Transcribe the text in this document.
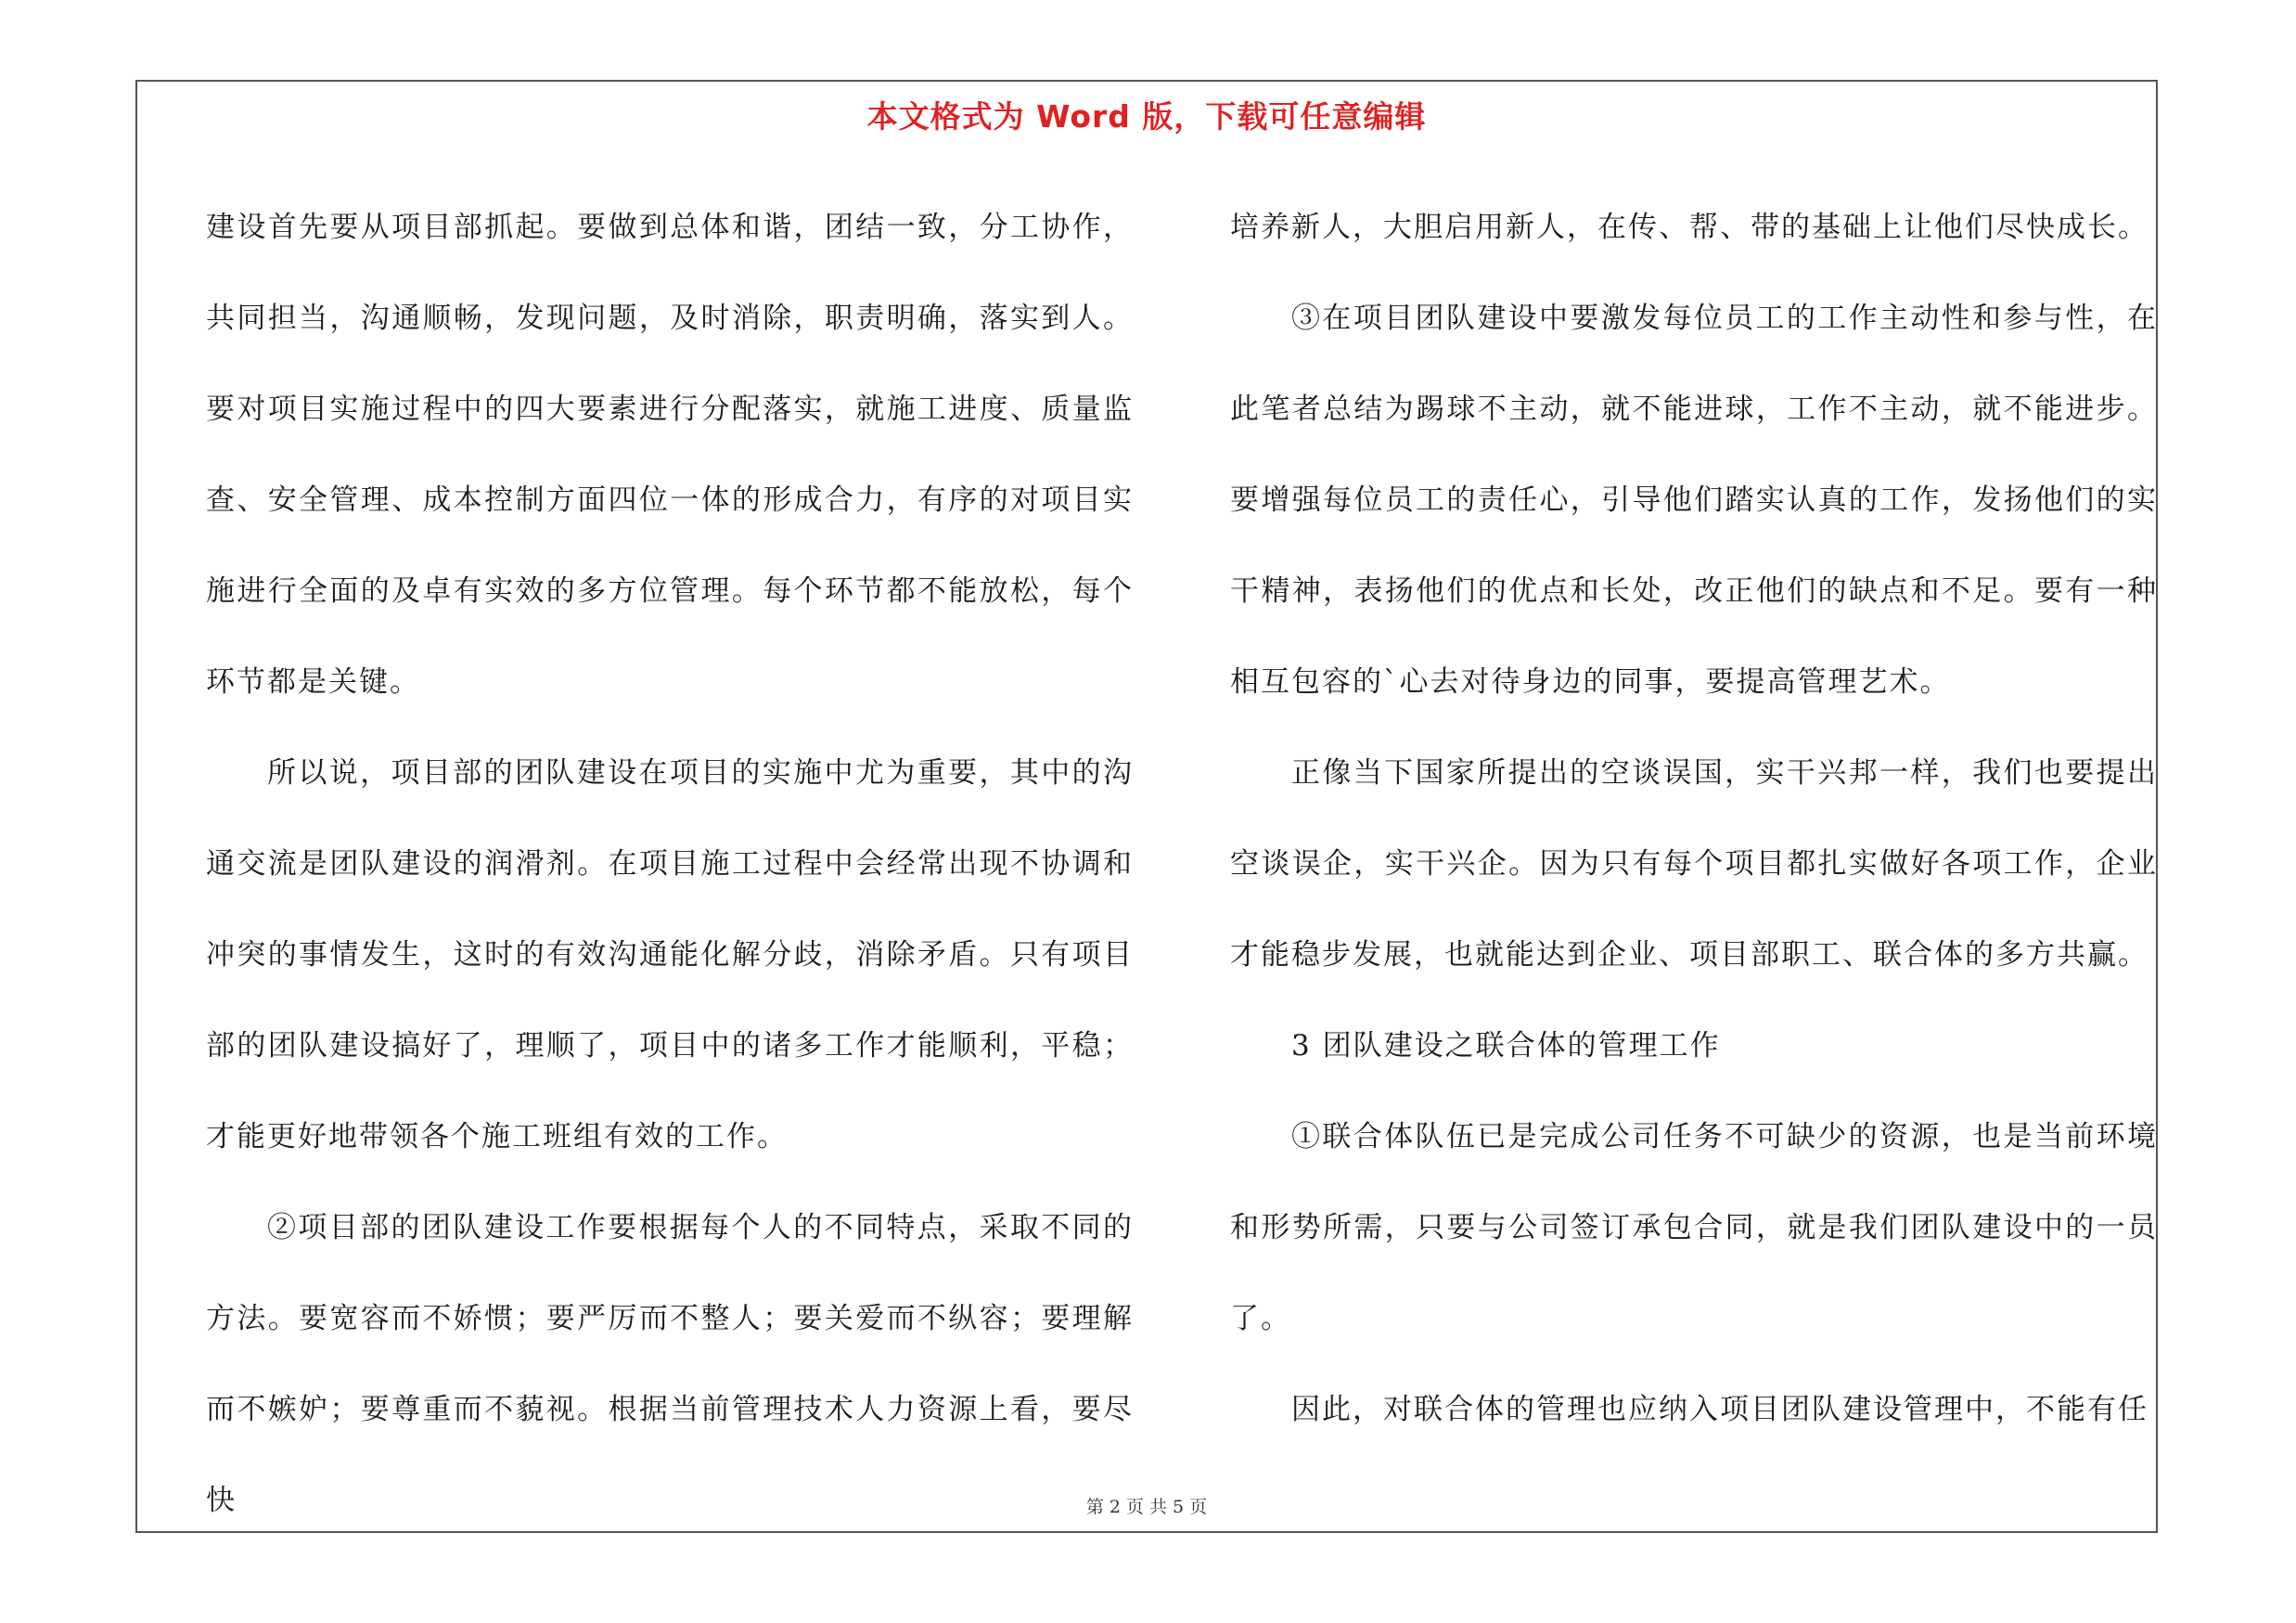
本文格式为 Word 版，下载可任意编辑

建设首先要从项目部抓起。要做到总体和谐，团结一致，分工协作，共同担当，沟通顺畅，发现问题，及时消除，职责明确，落实到人。要对项目实施过程中的四大要素进行分配落实，就施工进度、质量监查、安全管理、成本控制方面四位一体的形成合力，有序的对项目实施进行全面的及卓有实效的多方位管理。每个环节都不能放松，每个环节都是关键。

所以说，项目部的团队建设在项目的实施中尤为重要，其中的沟通交流是团队建设的润滑剂。在项目施工过程中会经常出现不协调和冲突的事情发生，这时的有效沟通能化解分歧，消除矛盾。只有项目部的团队建设搞好了，理顺了，项目中的诸多工作才能顺利，平稳；才能更好地带领各个施工班组有效的工作。

②项目部的团队建设工作要根据每个人的不同特点，采取不同的方法。要宽容而不娇惯；要严厉而不整人；要关爱而不纵容；要理解而不嫉妒；要尊重而不藐视。根据当前管理技术人力资源上看，要尽快

培养新人，大胆启用新人，在传、帮、带的基础上让他们尽快成长。

③在项目团队建设中要激发每位员工的工作主动性和参与性，在此笔者总结为踢球不主动，就不能进球，工作不主动，就不能进步。要增强每位员工的责任心，引导他们踏实认真的工作，发扬他们的实干精神，表扬他们的优点和长处，改正他们的缺点和不足。要有一种相互包容的`心去对待身边的同事，要提高管理艺术。

正像当下国家所提出的空谈误国，实干兴邦一样，我们也要提出空谈误企，实干兴企。因为只有每个项目都扎实做好各项工作，企业才能稳步发展，也就能达到企业、项目部职工、联合体的多方共赢。

3 团队建设之联合体的管理工作

①联合体队伍已是完成公司任务不可缺少的资源，也是当前环境和形势所需，只要与公司签订承包合同，就是我们团队建设中的一员了。

因此，对联合体的管理也应纳入项目团队建设管理中，不能有任

第 2 页 共 5 页
